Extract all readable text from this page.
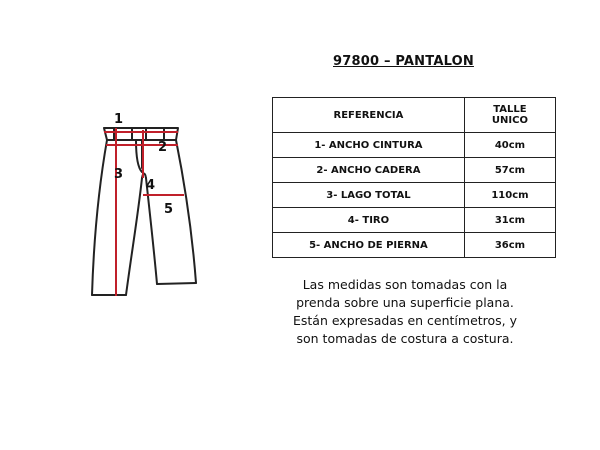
1
2
3
4
5
97800 – PANTALON
REFERENCIA	TALLE
UNICO
1- ANCHO CINTURA	40cm
2- ANCHO CADERA	57cm
3- LAGO TOTAL	110cm
4- TIRO	31cm
5- ANCHO DE PIERNA	36cm
Las medidas son tomadas con la
prenda sobre una superficie plana.
Están expresadas en centímetros, y
son tomadas de costura a costura.
